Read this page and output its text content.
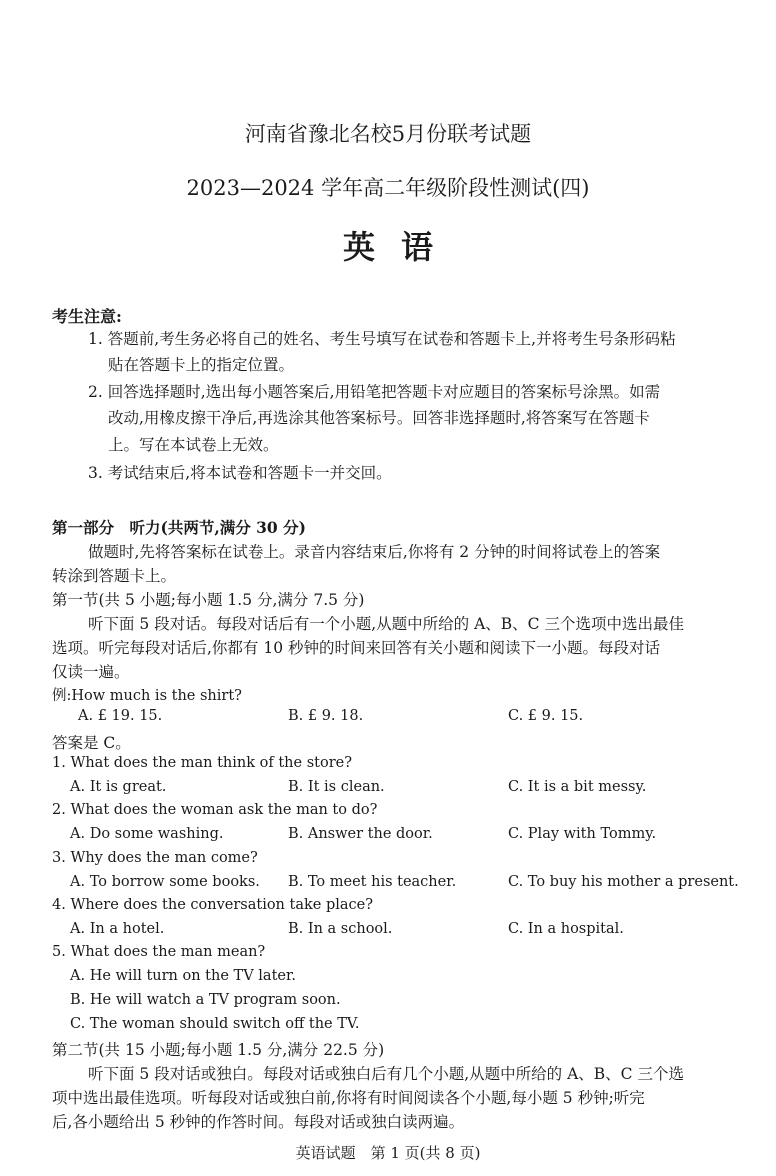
河南省豫北名校5月份联考试题
2023—2024 学年高二年级阶段性测试(四)
英语
考生注意:
1. 答题前,考生务必将自己的姓名、考生号填写在试卷和答题卡上,并将考生号条形码粘
贴在答题卡上的指定位置。
2. 回答选择题时,选出每小题答案后,用铅笔把答题卡对应题目的答案标号涂黑。如需
改动,用橡皮擦干净后,再选涂其他答案标号。回答非选择题时,将答案写在答题卡
上。写在本试卷上无效。
3. 考试结束后,将本试卷和答题卡一并交回。
第一部分　听力(共两节,满分 30 分)
做题时,先将答案标在试卷上。录音内容结束后,你将有 2 分钟的时间将试卷上的答案
转涂到答题卡上。
第一节(共 5 小题;每小题 1.5 分,满分 7.5 分)
听下面 5 段对话。每段对话后有一个小题,从题中所给的 A、B、C 三个选项中选出最佳
选项。听完每段对话后,你都有 10 秒钟的时间来回答有关小题和阅读下一小题。每段对话
仅读一遍。
例:How much is the shirt?
A. £ 19. 15.	B. £ 9. 18.	C. £ 9. 15.
答案是 C。
1. What does the man think of the store?
A. It is great.	B. It is clean.	C. It is a bit messy.
2. What does the woman ask the man to do?
A. Do some washing.	B. Answer the door.	C. Play with Tommy.
3. Why does the man come?
A. To borrow some books. B. To meet his teacher.	C. To buy his mother a present.
4. Where does the conversation take place?
A. In a hotel.	B. In a school.	C. In a hospital.
5. What does the man mean?
A. He will turn on the TV later.
B. He will watch a TV program soon.
C. The woman should switch off the TV.
第二节(共 15 小题;每小题 1.5 分,满分 22.5 分)
听下面 5 段对话或独白。每段对话或独白后有几个小题,从题中所给的 A、B、C 三个选
项中选出最佳选项。听每段对话或独白前,你将有时间阅读各个小题,每小题 5 秒钟;听完
后,各小题给出 5 秒钟的作答时间。每段对话或独白读两遍。
英语试题　第 1 页(共 8 页)
